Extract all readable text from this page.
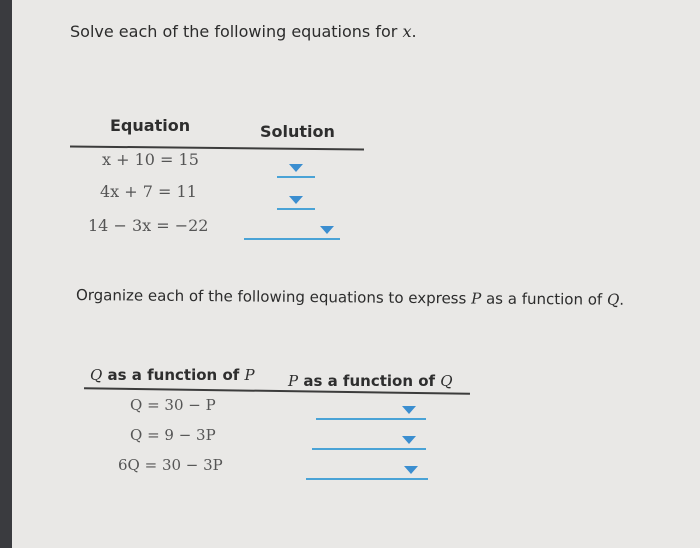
Solve each of the following equations for x.
Equation	Solution
x + 10 = 15
4x + 7 = 11
14 − 3x = −22
Organize each of the following equations to express P as a function of Q.
Q as a function of P P as a function of Q
Q = 30 − P
Q = 9 − 3P
6Q = 30 − 3P
